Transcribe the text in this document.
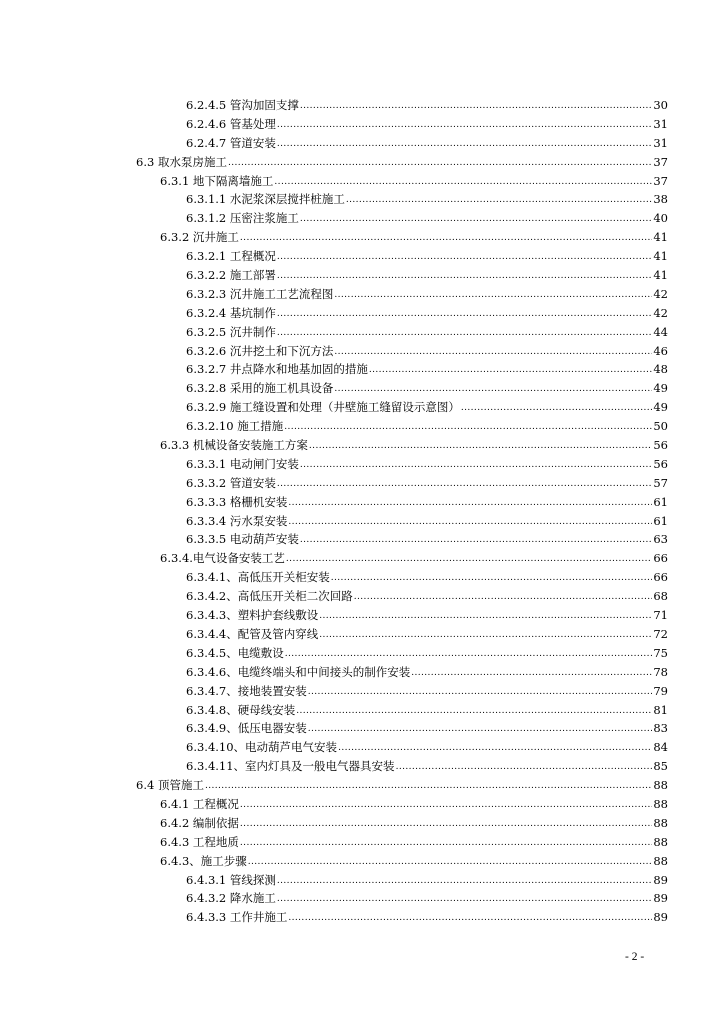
6.2.4.5 管沟加固支撑 .....	30
6.2.4.6 管基处理 .....	31
6.2.4.7 管道安装 .....	31
6.3 取水泵房施工 .....	37
6.3.1 地下隔离墙施工 .....	37
6.3.1.1 水泥浆深层搅拌桩施工 .....	38
6.3.1.2 压密注浆施工 .....	40
6.3.2 沉井施工 .....	41
6.3.2.1 工程概况 .....	41
6.3.2.2 施工部署 .....	41
6.3.2.3 沉井施工工艺流程图 .....	42
6.3.2.4 基坑制作 .....	42
6.3.2.5 沉井制作 .....	44
6.3.2.6 沉井挖土和下沉方法 .....	46
6.3.2.7 井点降水和地基加固的措施 .....	48
6.3.2.8 采用的施工机具设备 .....	49
6.3.2.9 施工缝设置和处理（井壁施工缝留设示意图） .....	49
6.3.2.10 施工措施 .....	50
6.3.3 机械设备安装施工方案 .....	56
6.3.3.1 电动闸门安装 .....	56
6.3.3.2 管道安装 .....	57
6.3.3.3 格栅机安装 .....	61
6.3.3.4 污水泵安装 .....	61
6.3.3.5 电动葫芦安装 .....	63
6.3.4.电气设备安装工艺 .....	66
6.3.4.1、高低压开关柜安装 .....	66
6.3.4.2、高低压开关柜二次回路 .....	68
6.3.4.3、塑料护套线敷设 .....	71
6.3.4.4、配管及管内穿线 .....	72
6.3.4.5、电缆敷设 .....	75
6.3.4.6、电缆终端头和中间接头的制作安装 .....	78
6.3.4.7、接地装置安装 .....	79
6.3.4.8、硬母线安装 .....	81
6.3.4.9、低压电器安装 .....	83
6.3.4.10、电动葫芦电气安装 .....	84
6.3.4.11、室内灯具及一般电气器具安装 .....	85
6.4 顶管施工 .....	88
6.4.1 工程概况 .....	88
6.4.2 编制依据 .....	88
6.4.3 工程地质 .....	88
6.4.3、施工步骤 .....	88
6.4.3.1 管线探测 .....	89
6.4.3.2 降水施工 .....	89
6.4.3.3 工作井施工 .....	89
- 2 -
